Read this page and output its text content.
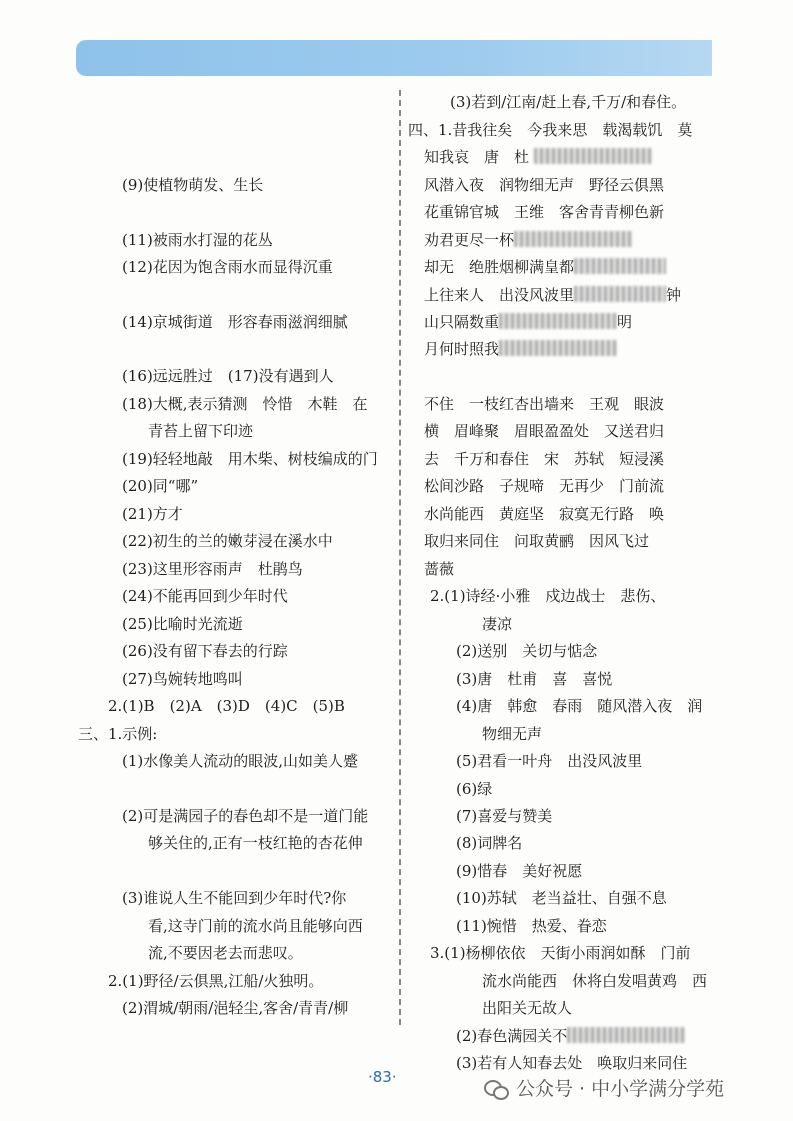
(9)使植物萌发、生长
(11)被雨水打湿的花丛
(12)花因为饱含雨水而显得沉重
(14)京城街道　形容春雨滋润细腻
(16)远远胜过　(17)没有遇到人
(18)大概,表示猜测　怜惜　木鞋　在
青苔上留下印迹
(19)轻轻地敲　用木柴、树枝编成的门
(20)同“哪”
(21)方才
(22)初生的兰的嫩芽浸在溪水中
(23)这里形容雨声　杜鹃鸟
(24)不能再回到少年时代
(25)比喻时光流逝
(26)没有留下春去的行踪
(27)鸟婉转地鸣叫
2.(1)B　(2)A　(3)D　(4)C　(5)B
三、1.示例:
(1)水像美人流动的眼波,山如美人蹙
(2)可是满园子的春色却不是一道门能
够关住的,正有一枝红艳的杏花伸
(3)谁说人生不能回到少年时代?你
看,这寺门前的流水尚且能够向西
流,不要因老去而悲叹。
2.(1)野径/云俱黑,江船/火独明。
(2)渭城/朝雨/浥轻尘,客舍/青青/柳
(3)若到/江南/赶上春,千万/和春住。
四、1.昔我往矣　今我来思　载渴载饥　莫
知我哀　唐　杜
风潜入夜　润物细无声　野径云俱黑
花重锦官城　王维　客舍青青柳色新
劝君更尽一杯
却无　绝胜烟柳满皇都
上往来人　出没风波里	钟
山只隔数重	明
月何时照我
不住　一枝红杏出墙来　王观　眼波
横　眉峰聚　眉眼盈盈处　又送君归
去　千万和春住　宋　苏轼　短浸溪
松间沙路　子规啼　无再少　门前流
水尚能西　黄庭坚　寂寞无行路　唤
取归来同住　问取黄鹂　因风飞过
蔷薇
2.(1)诗经·小雅　戍边战士　悲伤、
凄凉
(2)送别　关切与惦念
(3)唐　杜甫　喜　喜悦
(4)唐　韩愈　春雨　随风潜入夜　润
物细无声
(5)君看一叶舟　出没风波里
(6)绿
(7)喜爱与赞美
(8)词牌名
(9)惜春　美好祝愿
(10)苏轼　老当益壮、自强不息
(11)惋惜　热爱、眷恋
3.(1)杨柳依依　天街小雨润如酥　门前
流水尚能西　休将白发唱黄鸡　西
出阳关无故人
(2)春色满园关不
(3)若有人知春去处　唤取归来同住
·83·
公众号 · 中小学满分学苑
